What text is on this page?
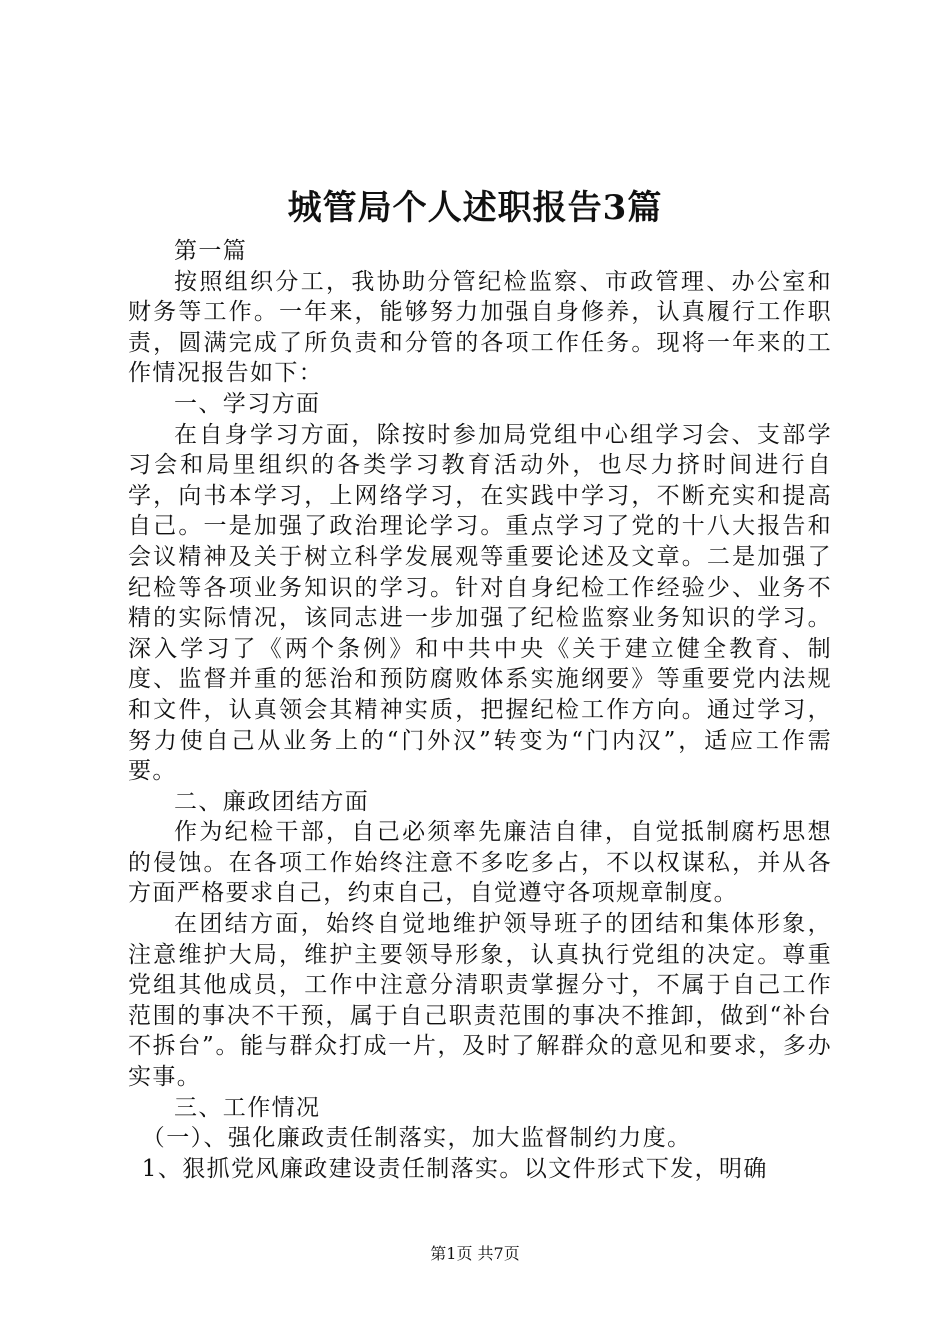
城管局个人述职报告3篇

第一篇

按照组织分工，我协助分管纪检监察、市政管理、办公室和财务等工作。一年来，能够努力加强自身修养，认真履行工作职责，圆满完成了所负责和分管的各项工作任务。现将一年来的工作情况报告如下：

一、学习方面

在自身学习方面，除按时参加局党组中心组学习会、支部学习会和局里组织的各类学习教育活动外，也尽力挤时间进行自学，向书本学习，上网络学习，在实践中学习，不断充实和提高自己。一是加强了政治理论学习。重点学习了党的十八大报告和会议精神及关于树立科学发展观等重要论述及文章。二是加强了纪检等各项业务知识的学习。针对自身纪检工作经验少、业务不精的实际情况，该同志进一步加强了纪检监察业务知识的学习。深入学习了《两个条例》和中共中央《关于建立健全教育、制度、监督并重的惩治和预防腐败体系实施纲要》等重要党内法规和文件，认真领会其精神实质，把握纪检工作方向。通过学习，努力使自己从业务上的“门外汉”转变为“门内汉”，适应工作需要。

二、廉政团结方面

作为纪检干部，自己必须率先廉洁自律，自觉抵制腐朽思想的侵蚀。在各项工作始终注意不多吃多占，不以权谋私，并从各方面严格要求自己，约束自己，自觉遵守各项规章制度。

在团结方面，始终自觉地维护领导班子的团结和集体形象，注意维护大局，维护主要领导形象，认真执行党组的决定。尊重党组其他成员，工作中注意分清职责掌握分寸，不属于自己工作范围的事决不干预，属于自己职责范围的事决不推卸，做到“补台不拆台”。能与群众打成一片，及时了解群众的意见和要求，多办实事。

三、工作情况

（一）、强化廉政责任制落实，加大监督制约力度。

1、狠抓党风廉政建设责任制落实。以文件形式下发，明确

第1页 共7页
